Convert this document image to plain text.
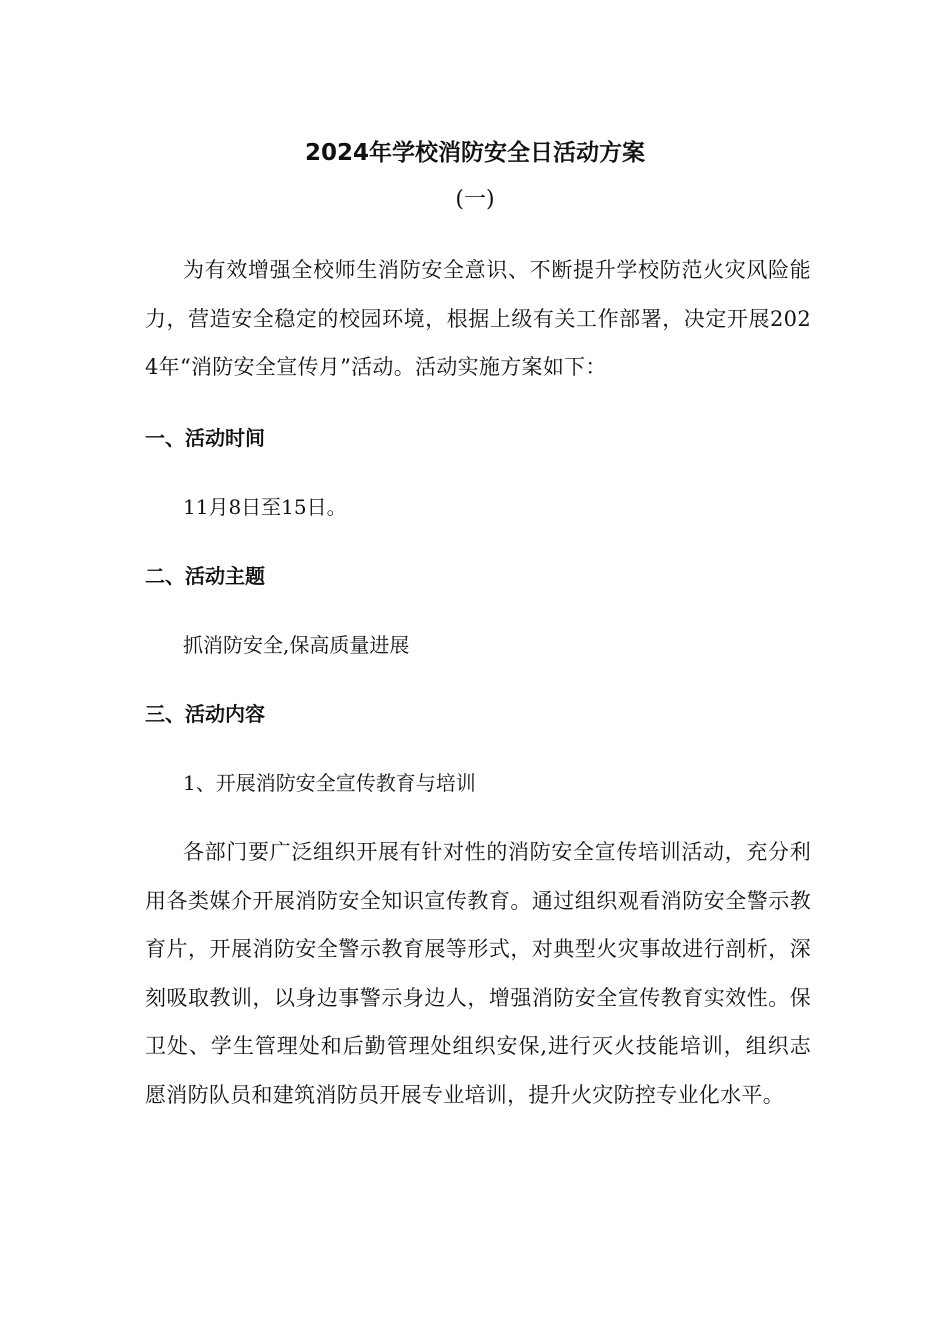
2024年学校消防安全日活动方案
(一)
为有效增强全校师生消防安全意识、不断提升学校防范火灾风险能力，营造安全稳定的校园环境，根据上级有关工作部署，决定开展2024年“消防安全宣传月”活动。活动实施方案如下：
一、活动时间
11月8日至15日。
二、活动主题
抓消防安全,保高质量进展
三、活动内容
1、开展消防安全宣传教育与培训
各部门要广泛组织开展有针对性的消防安全宣传培训活动，充分利用各类媒介开展消防安全知识宣传教育。通过组织观看消防安全警示教育片，开展消防安全警示教育展等形式，对典型火灾事故进行剖析，深刻吸取教训，以身边事警示身边人，增强消防安全宣传教育实效性。保卫处、学生管理处和后勤管理处组织安保,进行灭火技能培训，组织志愿消防队员和建筑消防员开展专业培训，提升火灾防控专业化水平。
